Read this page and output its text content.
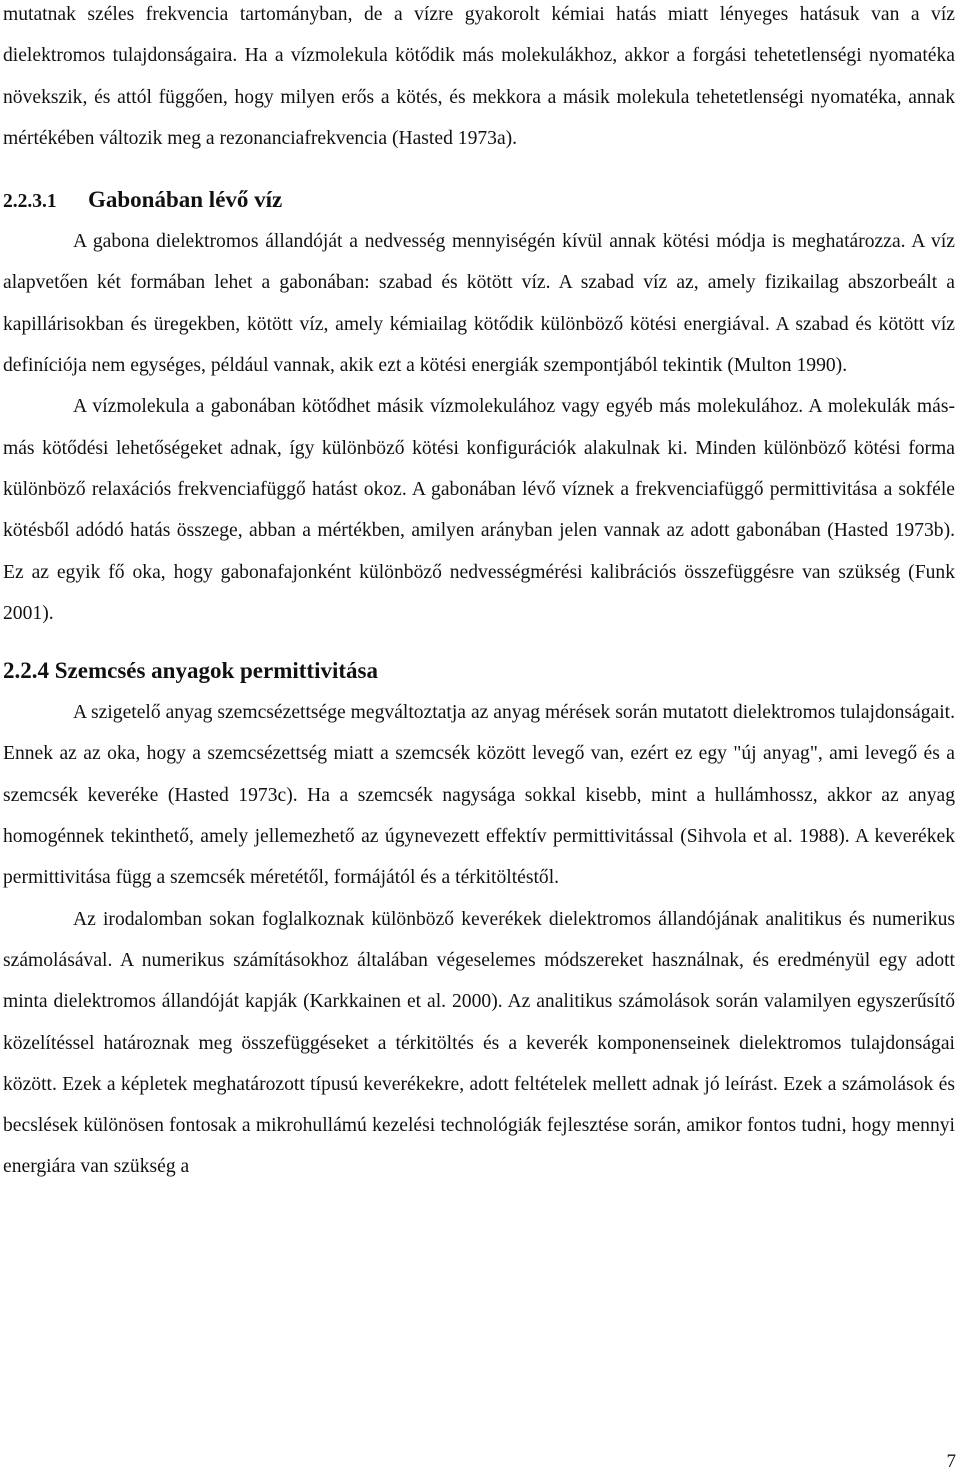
mutatnak széles frekvencia tartományban, de a vízre gyakorolt kémiai hatás miatt lényeges hatásuk van a víz dielektromos tulajdonságaira. Ha a vízmolekula kötődik más molekulákhoz, akkor a forgási tehetetlenségi nyomatéka növekszik, és attól függően, hogy milyen erős a kötés, és mekkora a másik molekula tehetetlenségi nyomatéka, annak mértékében változik meg a rezonanciafrekvencia (Hasted 1973a).

2.2.3.1	Gabonában lévő víz

A gabona dielektromos állandóját a nedvesség mennyiségén kívül annak kötési módja is meghatározza. A víz alapvetően két formában lehet a gabonában: szabad és kötött víz. A szabad víz az, amely fizikailag abszorbeált a kapillárisokban és üregekben, kötött víz, amely kémiailag kötődik különböző kötési energiával. A szabad és kötött víz definíciója nem egységes, például vannak, akik ezt a kötési energiák szempontjából tekintik (Multon 1990).

A vízmolekula a gabonában kötődhet másik vízmolekulához vagy egyéb más molekulához. A molekulák más-más kötődési lehetőségeket adnak, így különböző kötési konfigurációk alakulnak ki. Minden különböző kötési forma különböző relaxációs frekvenciafüggő hatást okoz. A gabonában lévő víznek a frekvenciafüggő permittivitása a sokféle kötésből adódó hatás összege, abban a mértékben, amilyen arányban jelen vannak az adott gabonában (Hasted 1973b). Ez az egyik fő oka, hogy gabonafajonként különböző nedvességmérési kalibrációs összefüggésre van szükség (Funk 2001).

2.2.4 Szemcsés anyagok permittivitása

A szigetelő anyag szemcsézettsége megváltoztatja az anyag mérések során mutatott dielektromos tulajdonságait. Ennek az az oka, hogy a szemcsézettség miatt a szemcsék között levegő van, ezért ez egy "új anyag", ami levegő és a szemcsék keveréke (Hasted 1973c). Ha a szemcsék nagysága sokkal kisebb, mint a hullámhossz, akkor az anyag homogénnek tekinthető, amely jellemezhető az úgynevezett effektív permittivitással (Sihvola et al. 1988). A keverékek permittivitása függ a szemcsék méretétől, formájától és a térkitöltéstől.

Az irodalomban sokan foglalkoznak különböző keverékek dielektromos állandójának analitikus és numerikus számolásával. A numerikus számításokhoz általában végeselemes módszereket használnak, és eredményül egy adott minta dielektromos állandóját kapják (Karkkainen et al. 2000). Az analitikus számolások során valamilyen egyszerűsítő közelítéssel határoznak meg összefüggéseket a térkitöltés és a keverék komponenseinek dielektromos tulajdonságai között. Ezek a képletek meghatározott típusú keverékekre, adott feltételek mellett adnak jó leírást. Ezek a számolások és becslések különösen fontosak a mikrohullámú kezelési technológiák fejlesztése során, amikor fontos tudni, hogy mennyi energiára van szükség a

7
